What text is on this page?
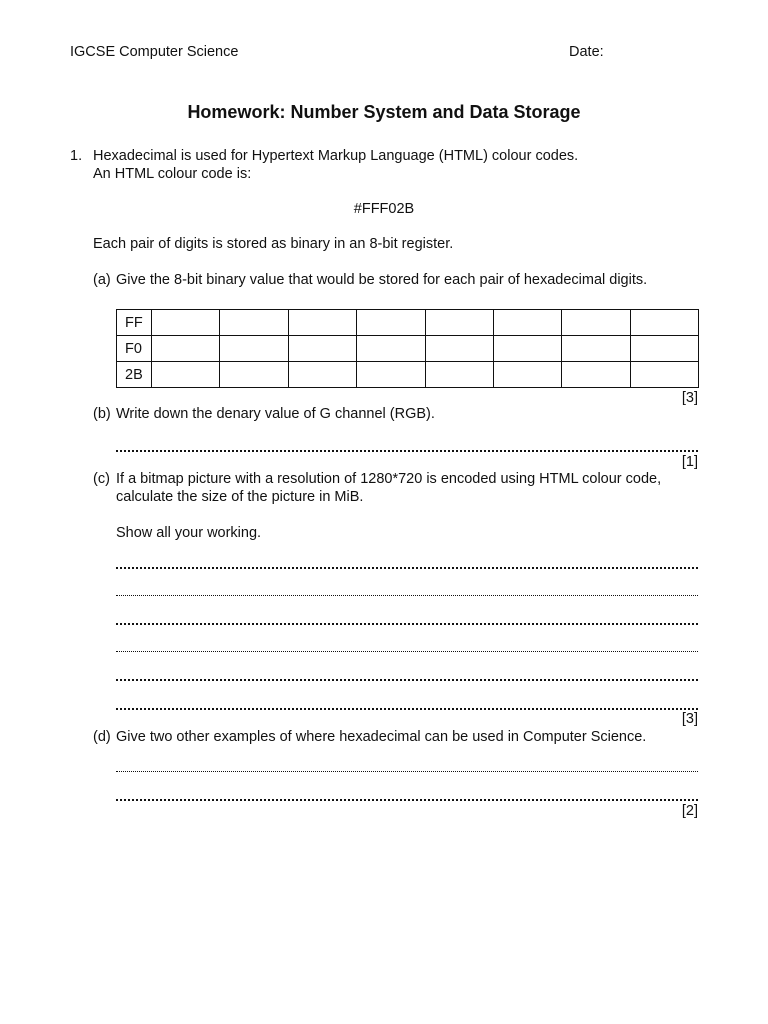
IGCSE Computer Science	Date:
Homework: Number System and Data Storage
1. Hexadecimal is used for Hypertext Markup Language (HTML) colour codes.
An HTML colour code is:
#FFF02B
Each pair of digits is stored as binary in an 8-bit register.
(a) Give the 8-bit binary value that would be stored for each pair of hexadecimal digits.
FF								
F0								
2B								
[3]
(b) Write down the denary value of G channel (RGB).
[1]
(c) If a bitmap picture with a resolution of 1280*720 is encoded using HTML colour code,
calculate the size of the picture in MiB.
Show all your working.
[3]
(d) Give two other examples of where hexadecimal can be used in Computer Science.
[2]
